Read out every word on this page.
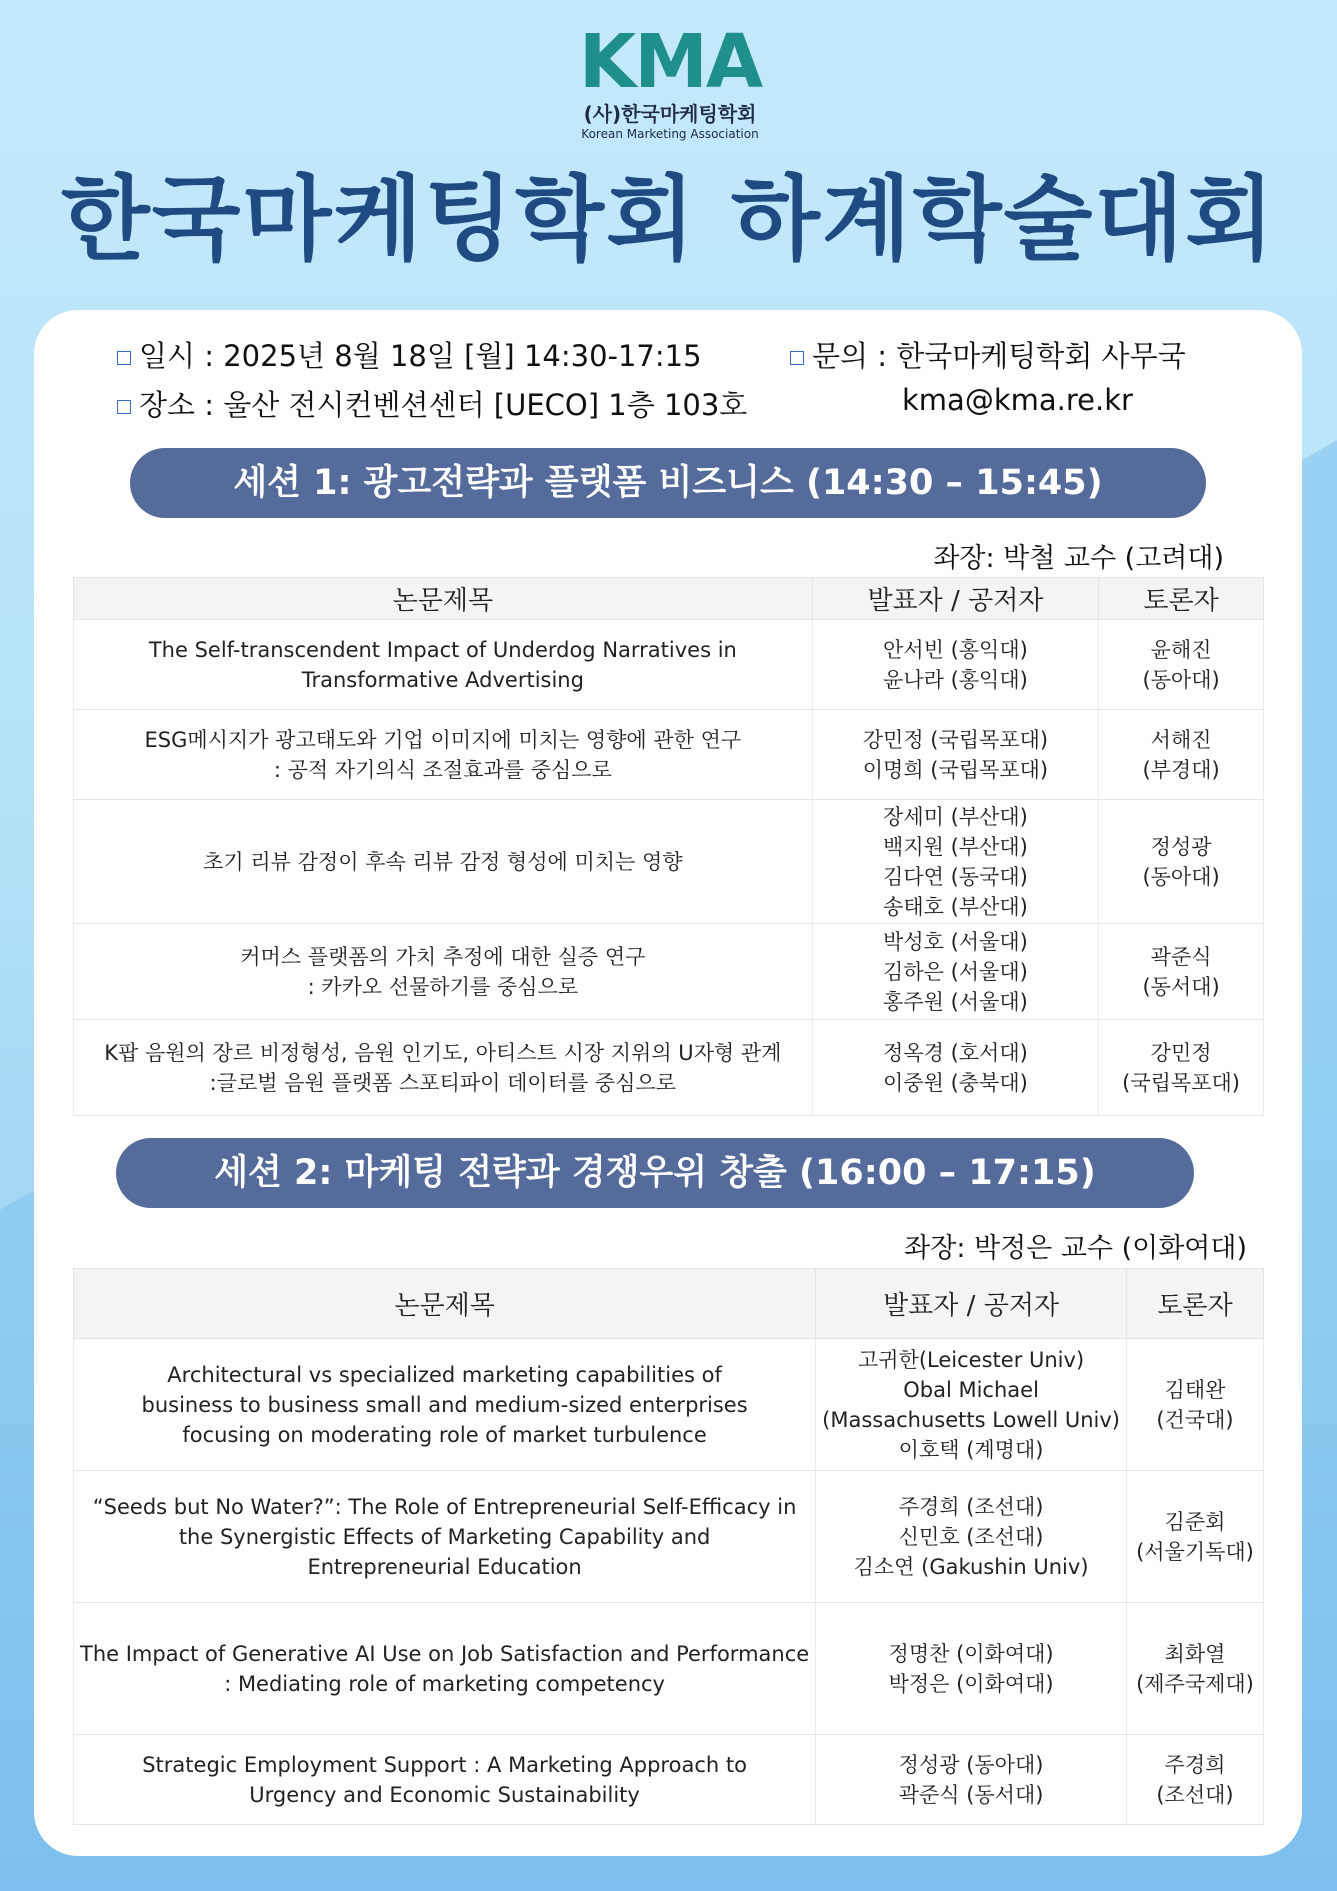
KMA
(사)한국마케팅학회
Korean Marketing Association
한국마케팅학회 하계학술대회
일시 : 2025년 8월 18일 [월] 14:30-17:15
장소 : 울산 전시컨벤션센터 [UECO] 1층 103호
문의 : 한국마케팅학회 사무국
kma@kma.re.kr
세션 1: 광고전략과 플랫폼 비즈니스 (14:30 – 15:45)
좌장: 박철 교수 (고려대)
논문제목	발표자 / 공저자	토론자

The Self-transcendent Impact of Underdog Narratives in
Transformative Advertising	안서빈 (홍익대)
윤나라 (홍익대)	윤해진
(동아대)

ESG메시지가 광고태도와 기업 이미지에 미치는 영향에 관한 연구
: 공적 자기의식 조절효과를 중심으로	강민정 (국립목포대)
이명희 (국립목포대)	서해진
(부경대)

초기 리뷰 감정이 후속 리뷰 감정 형성에 미치는 영향	장세미 (부산대)
백지원 (부산대)
김다연 (동국대)
송태호 (부산대)	정성광
(동아대)

커머스 플랫폼의 가치 추정에 대한 실증 연구
: 카카오 선물하기를 중심으로	박성호 (서울대)
김하은 (서울대)
홍주원 (서울대)	곽준식
(동서대)

K팝 음원의 장르 비정형성, 음원 인기도, 아티스트 시장 지위의 U자형 관계
:글로벌 음원 플랫폼 스포티파이 데이터를 중심으로	정옥경 (호서대)
이중원 (충북대)	강민정
(국립목포대)
세션 2: 마케팅 전략과 경쟁우위 창출 (16:00 – 17:15)
좌장: 박정은 교수 (이화여대)
논문제목	발표자 / 공저자	토론자

Architectural vs specialized marketing capabilities of
business to business small and medium-sized enterprises
focusing on moderating role of market turbulence	고귀한(Leicester Univ)
Obal Michael
(Massachusetts Lowell Univ)
이호택 (계명대)	김태완
(건국대)

“Seeds but No Water?”: The Role of Entrepreneurial Self-Efficacy in
the Synergistic Effects of Marketing Capability and
Entrepreneurial Education	주경희 (조선대)
신민호 (조선대)
김소연 (Gakushin Univ)	김준회
(서울기독대)

The Impact of Generative AI Use on Job Satisfaction and Performance
: Mediating role of marketing competency	정명찬 (이화여대)
박정은 (이화여대)	최화열
(제주국제대)

Strategic Employment Support : A Marketing Approach to
Urgency and Economic Sustainability	정성광 (동아대)
곽준식 (동서대)	주경희
(조선대)
